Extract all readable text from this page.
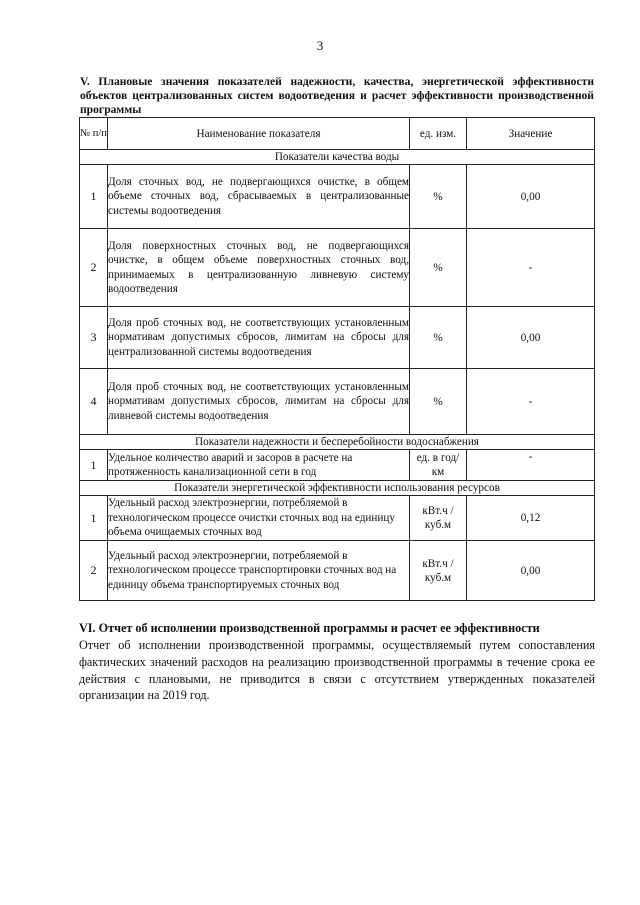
3
V. Плановые значения показателей надежности, качества, энергетической эффективности объектов централизованных систем водоотведения и расчет эффективности производственной программы
№ п/п	Наименование показателя	ед. изм.	Значение
Показатели качества воды			
1	Доля сточных вод, не подвергающихся очистке, в общем объеме сточных вод, сбрасываемых в централизованные системы водоотведения	%	0,00
2	Доля поверхностных сточных вод, не подвергающихся очистке, в общем объеме поверхностных сточных вод, принимаемых в централизованную ливневую систему водоотведения	%	-
3	Доля проб сточных вод, не соответствующих установленным нормативам допустимых сбросов, лимитам на сбросы для централизованной системы водоотведения	%	0,00
4	Доля проб сточных вод, не соответствующих установленным нормативам допустимых сбросов, лимитам на сбросы для ливневой системы водоотведения	%	-
Показатели надежности и бесперебойности водоснабжения			
1	Удельное количество аварий и засоров в расчете на протяженность канализационной сети в год	ед. в год/ км	-
Показатели энергетической эффективности использования ресурсов			
1	Удельный расход электроэнергии, потребляемой в технологическом процессе очистки сточных вод на единицу объема очищаемых сточных вод	кВт.ч / куб.м	0,12
2	Удельный расход электроэнергии, потребляемой в технологическом процессе транспортировки сточных вод на единицу объема транспортируемых сточных вод	кВт.ч / куб.м	0,00
VI. Отчет об исполнении производственной программы и расчет ее эффективности
Отчет об исполнении производственной программы, осуществляемый путем сопоставления фактических значений расходов на реализацию производственной программы в течение срока ее действия с плановыми, не приводится в связи с отсутствием утвержденных показателей организации на 2019 год.
